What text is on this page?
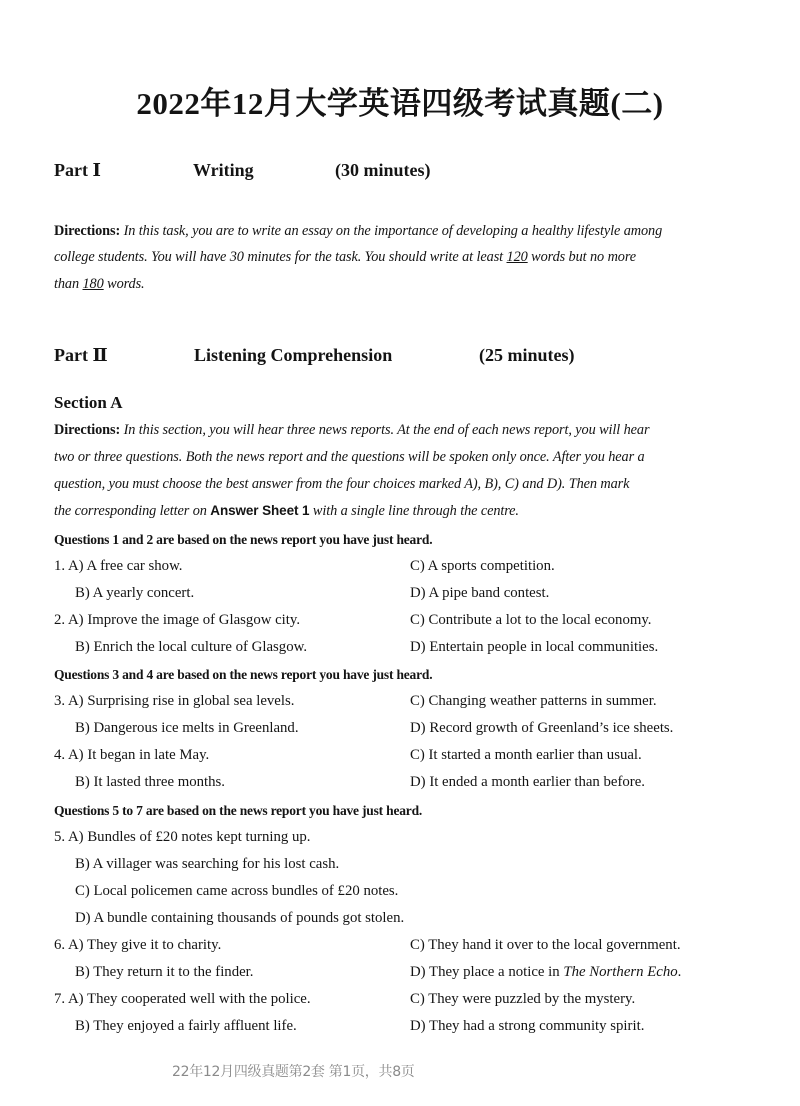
2022年12月大学英语四级考试真题(二)
Part Ⅰ	Writing	(30 minutes)
Directions: In this task, you are to write an essay on the importance of developing a healthy lifestyle among
college students. You will have 30 minutes for the task. You should write at least 120 words but no more
than 180 words.
Part Ⅱ	Listening Comprehension	(25 minutes)
Section A
Directions: In this section, you will hear three news reports. At the end of each news report, you will hear
two or three questions. Both the news report and the questions will be spoken only once. After you hear a
question, you must choose the best answer from the four choices marked A), B), C) and D). Then mark
the corresponding letter on Answer Sheet 1 with a single line through the centre.
Questions 1 and 2 are based on the news report you have just heard.
1. A) A free car show.	C) A sports competition.
B) A yearly concert.	D) A pipe band contest.
2. A) Improve the image of Glasgow city.	C) Contribute a lot to the local economy.
B) Enrich the local culture of Glasgow.	D) Entertain people in local communities.
Questions 3 and 4 are based on the news report you have just heard.
3. A) Surprising rise in global sea levels.	C) Changing weather patterns in summer.
B) Dangerous ice melts in Greenland.	D) Record growth of Greenland’s ice sheets.
4. A) It began in late May.	C) It started a month earlier than usual.
B) It lasted three months.	D) It ended a month earlier than before.
Questions 5 to 7 are based on the news report you have just heard.
5. A) Bundles of £20 notes kept turning up.
B) A villager was searching for his lost cash.
C) Local policemen came across bundles of £20 notes.
D) A bundle containing thousands of pounds got stolen.
6. A) They give it to charity.	C) They hand it over to the local government.
B) They return it to the finder.	D) They place a notice in The Northern Echo.
7. A) They cooperated well with the police.	C) They were puzzled by the mystery.
B) They enjoyed a fairly affluent life.	D) They had a strong community spirit.
22年12月四级真题第2套 第1页，共8页
